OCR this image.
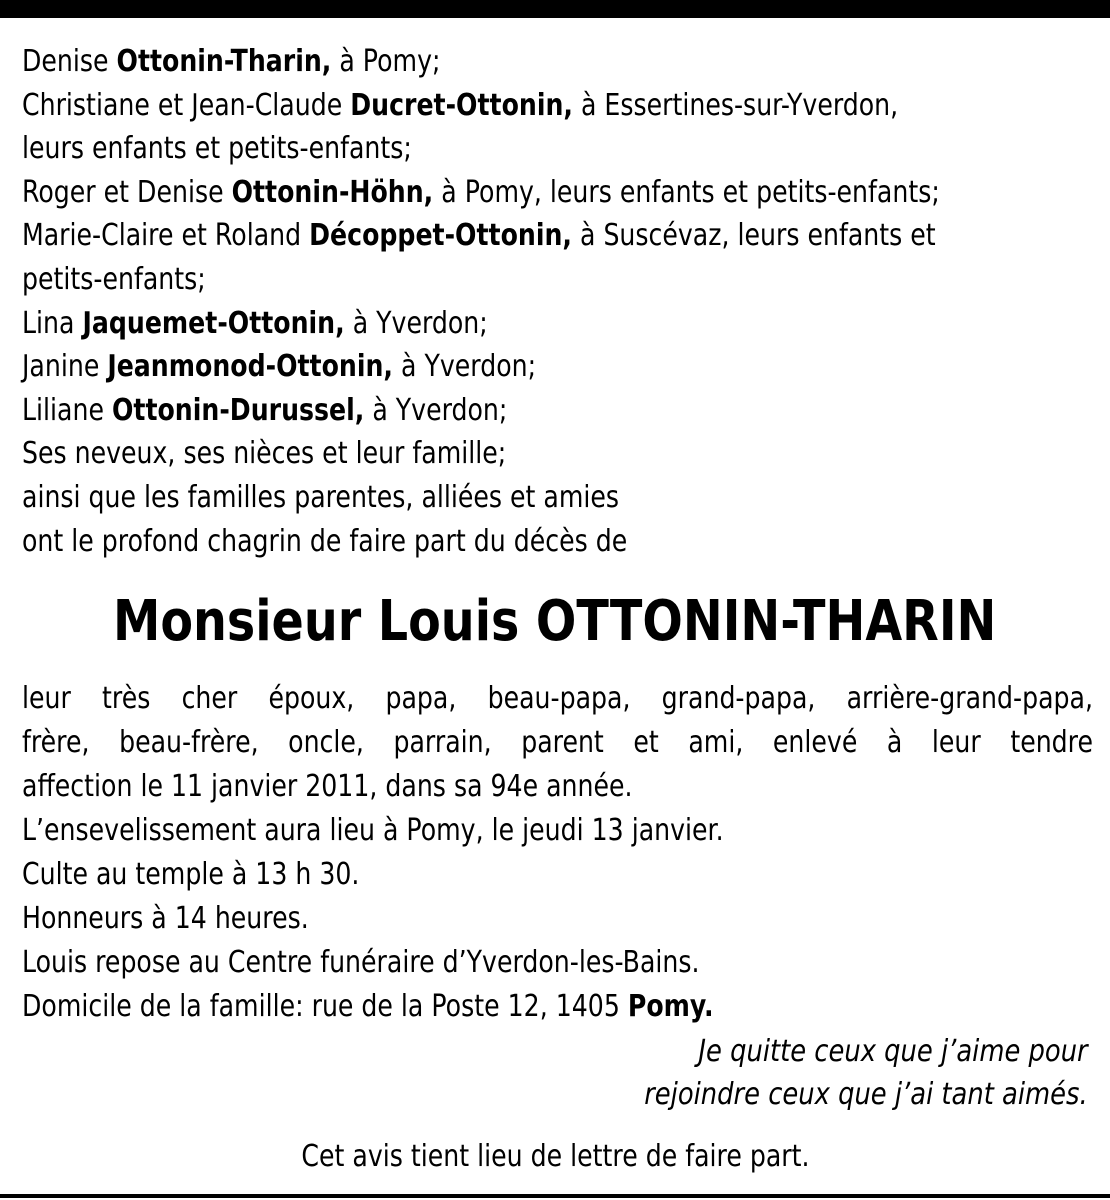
Denise Ottonin-Tharin, à Pomy;
Christiane et Jean-Claude Ducret-Ottonin, à Essertines-sur-Yverdon,
leurs enfants et petits-enfants;
Roger et Denise Ottonin-Höhn, à Pomy, leurs enfants et petits-enfants;
Marie-Claire et Roland Décoppet-Ottonin, à Suscévaz, leurs enfants et
petits-enfants;
Lina Jaquemet-Ottonin, à Yverdon;
Janine Jeanmonod-Ottonin, à Yverdon;
Liliane Ottonin-Durussel, à Yverdon;
Ses neveux, ses nièces et leur famille;
ainsi que les familles parentes, alliées et amies
ont le profond chagrin de faire part du décès de
Monsieur Louis OTTONIN-THARIN
leur très cher époux, papa, beau-papa, grand-papa, arrière-grand-papa,
frère, beau-frère, oncle, parrain, parent et ami, enlevé à leur tendre
affection le 11 janvier 2011, dans sa 94e année.
L’ensevelissement aura lieu à Pomy, le jeudi 13 janvier.
Culte au temple à 13 h 30.
Honneurs à 14 heures.
Louis repose au Centre funéraire d’Yverdon-les-Bains.
Domicile de la famille: rue de la Poste 12, 1405 Pomy.
Je quitte ceux que j’aime pour
rejoindre ceux que j’ai tant aimés.
Cet avis tient lieu de lettre de faire part.
